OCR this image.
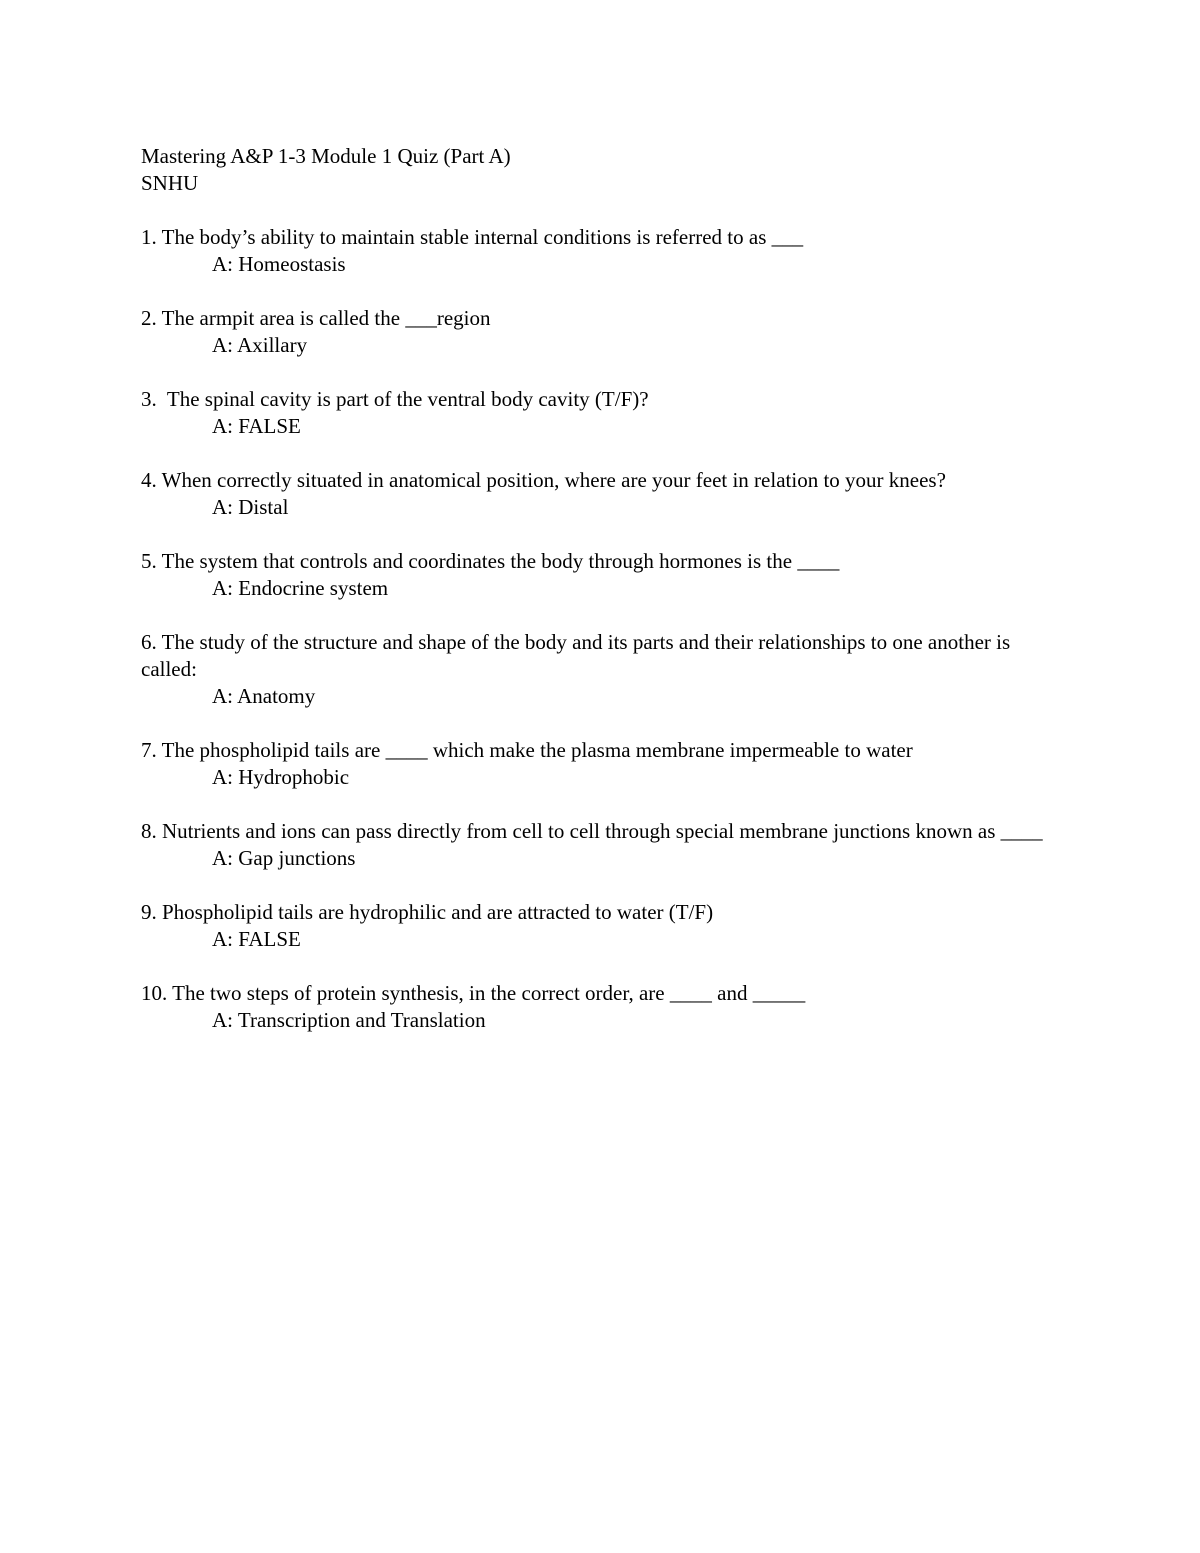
Mastering A&P 1-3 Module 1 Quiz (Part A)

SNHU

1. The body’s ability to maintain stable internal conditions is referred to as ___

A: Homeostasis

2. The armpit area is called the ___region

A: Axillary

3.  The spinal cavity is part of the ventral body cavity (T/F)?

A: FALSE

4. When correctly situated in anatomical position, where are your feet in relation to your knees?

A: Distal

5. The system that controls and coordinates the body through hormones is the ____

A: Endocrine system

6. The study of the structure and shape of the body and its parts and their relationships to one another is called:

A: Anatomy

7. The phospholipid tails are ____ which make the plasma membrane impermeable to water

A: Hydrophobic

8. Nutrients and ions can pass directly from cell to cell through special membrane junctions known as ____

A: Gap junctions

9. Phospholipid tails are hydrophilic and are attracted to water (T/F)

A: FALSE

10. The two steps of protein synthesis, in the correct order, are ____ and _____

A: Transcription and Translation
